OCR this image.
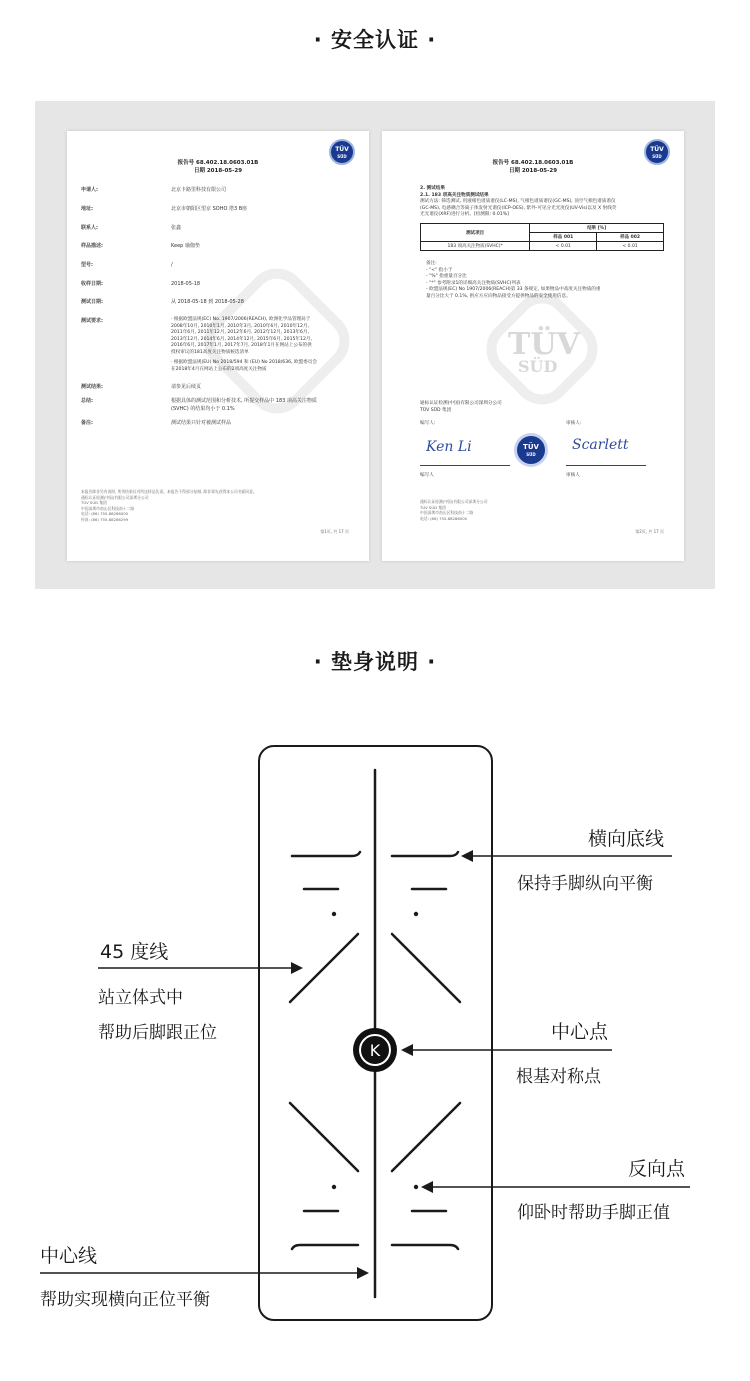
· 安全认证 ·
TÜV
SÜD
报告号 68.402.18.0603.01B
日期 2018-05-29
申请人:	北京卡路里科技有限公司
地址:	北京市朝阳区望京 SOHO 塔3 B座
联系人:	张鑫
样品描述:	Keep 瑜伽垫
型号:	/
收样日期:	2018-05-18
测试日期:	从 2018-05-18 到 2018-05-28
测试要求:	· 根据欧盟法规(EC) No. 1907/2006(REACH), 欧洲化学品管理局于
2008年10月, 2010年1月, 2010年3月, 2010年6月, 2010年12月,
2011年6月, 2011年12月, 2012年6月, 2012年12月, 2013年6月,
2013年12月, 2014年6月, 2014年12月, 2015年6月, 2015年12月,
2016年6月, 2017年1月, 2017年7月, 2018年1月在网站上公布的供
授权审议的181高度关注物质候选清单
· 根据欧盟法规(EU) No 2018/594 和 (EU) No 2018/636, 欧盟委员会
在2018年4月在网站上公布的2项高度关注物质
测试结果:	请参见后续页
总结:	根据具体的测试范围和分析技术, 所提交样品中 183 项高关注物质
(SVHC) 的结果均小于 0.1%
备注:	测试结果只针对被测试样品
本报告除非另有说明, 所列结果仅对所送样品负责。本报告不得部分复制, 除非事先获得本公司书面同意。
通标认证检测(中国)有限公司深圳分公司
TÜV SÜD 集团
中国深圳市南山区科技南十二路
电话: (86) 755-88286000
传真: (86) 755-88286299
第1页, 共 17 页
TÜV
SÜD
TÜV
SÜD
报告号 68.402.18.0603.01B
日期 2018-05-29
2. 测试结果
2.1. 183 项高关注物质测试结果
测试方法: 筛选测试, 用液相色谱质谱仪(LC-MS), 气相色谱质谱仪(GC-MS), 顶空气相色谱质谱仪
(GC-MS), 电感耦合等离子体发射光谱仪(ICP-OES), 紫外-可见分光光度仪(UV-Vis)以及 X 射线荧
光光谱仪(XRF)进行分析。[检测限: 0.01%]
测试项目	结果 [%]	
	样品 001	样品 002
183 项高关注物质(SVHC)*	< 0.01	< 0.01
备注:
- "<" 指小于
- "%" 指重量百分比
- "*" 参考附录1的详细高关注物质(SVHC)列表
- 欧盟法规(EC) No 1907/2006(REACH)第 33 条规定, 如果物品中高度关注物质的重
量百分比大于 0.1%, 供应方应向物品接受方提供物品的安全使用信息。
通标认证检测(中国)有限公司深圳分公司
TÜV SÜD 集团
编写人:	审核人:
Ken Li	TÜV
SÜD
Scarlett
编写人	审核人
通标认证检测(中国)有限公司深圳分公司
TÜV SÜD 集团
中国深圳市南山区科技南十二路
电话: (86) 755-88286000
第2页, 共 17 页
· 垫身说明 ·
K
横向底线
保持手脚纵向平衡
45 度线
站立体式中
帮助后脚跟正位	中心点
根基对称点
反向点
仰卧时帮助手脚正值
中心线
帮助实现横向正位平衡
